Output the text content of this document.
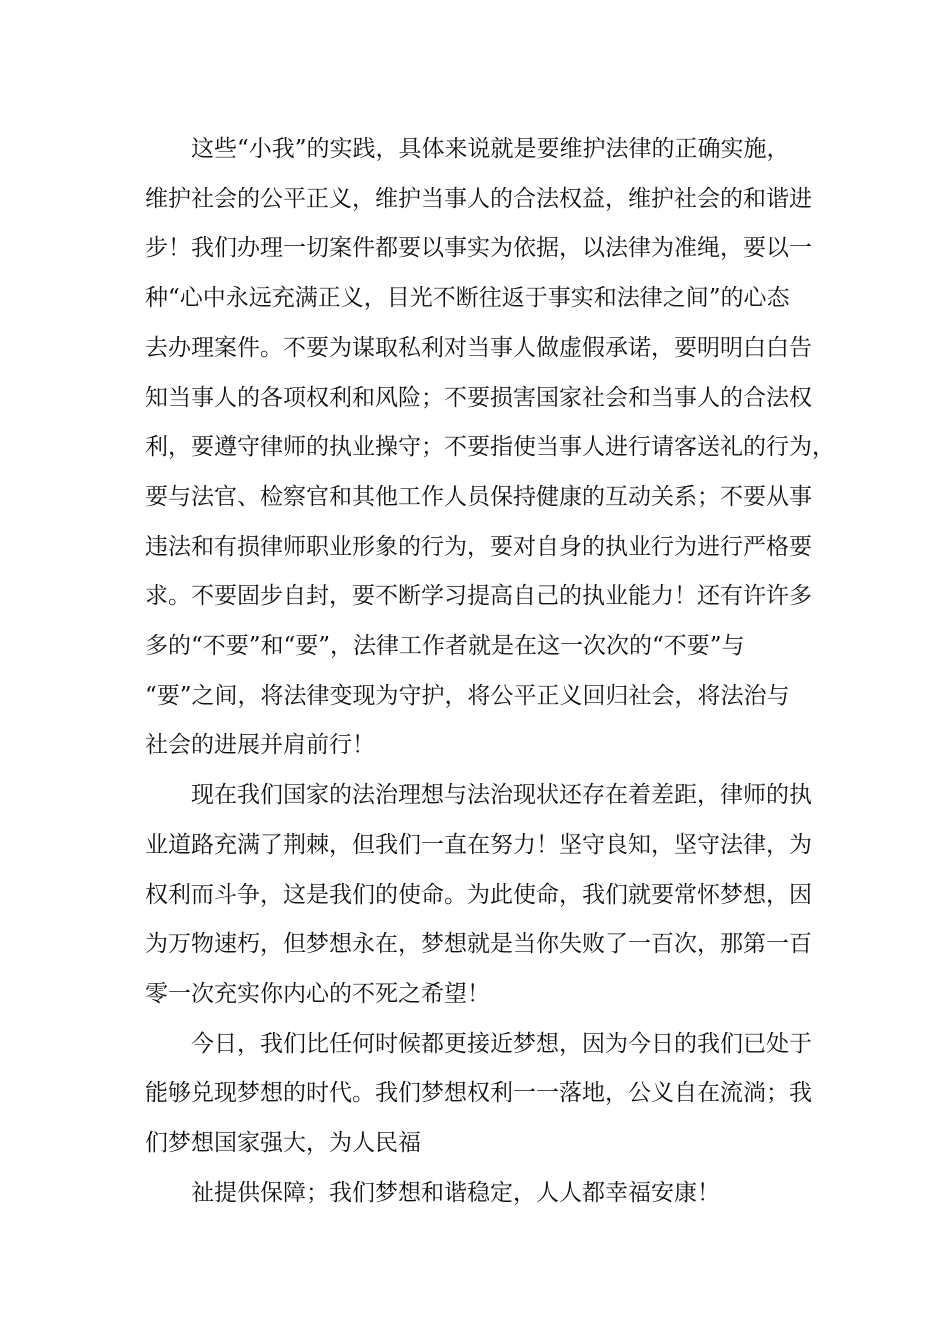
这些“小我”的实践，具体来说就是要维护法律的正确实施，
维护社会的公平正义，维护当事人的合法权益，维护社会的和谐进
步！我们办理一切案件都要以事实为依据，以法律为准绳，要以一
种“心中永远充满正义，目光不断往返于事实和法律之间”的心态
去办理案件。不要为谋取私利对当事人做虚假承诺，要明明白白告
知当事人的各项权利和风险；不要损害国家社会和当事人的合法权
利，要遵守律师的执业操守；不要指使当事人进行请客送礼的行为，
要与法官、检察官和其他工作人员保持健康的互动关系；不要从事
违法和有损律师职业形象的行为，要对自身的执业行为进行严格要
求。不要固步自封，要不断学习提高自己的执业能力！还有许许多
多的“不要”和“要”，法律工作者就是在这一次次的“不要”与
“要”之间，将法律变现为守护，将公平正义回归社会，将法治与
社会的进展并肩前行！
现在我们国家的法治理想与法治现状还存在着差距，律师的执
业道路充满了荆棘，但我们一直在努力！坚守良知，坚守法律，为
权利而斗争，这是我们的使命。为此使命，我们就要常怀梦想，因
为万物速朽，但梦想永在，梦想就是当你失败了一百次，那第一百
零一次充实你内心的不死之希望！
今日，我们比任何时候都更接近梦想，因为今日的我们已处于
能够兑现梦想的时代。我们梦想权利一一落地，公义自在流淌；我
们梦想国家强大，为人民福
祉提供保障；我们梦想和谐稳定，人人都幸福安康！
